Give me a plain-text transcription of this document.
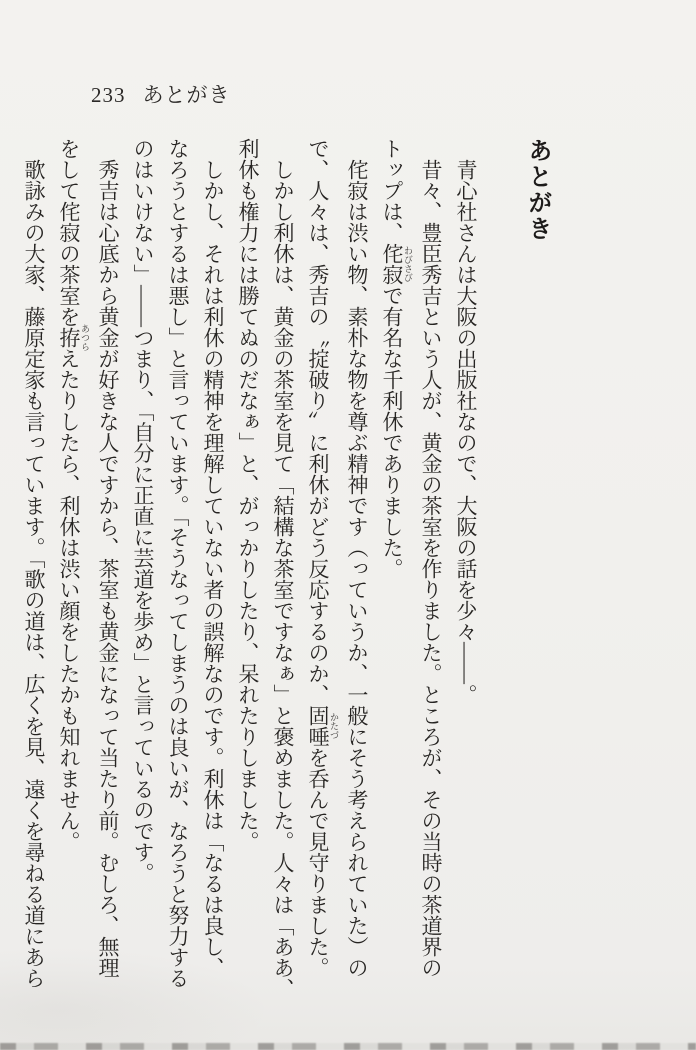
233 あとがき
あとがき
　青心社さんは大阪の出版社なので、大阪の話を少々――。
　昔々、豊臣秀吉という人が、黄金の茶室を作りました。ところが、その当時の茶道界の
トップは、侘寂 わびさびで有名な千利休でありました。
　侘寂は渋い物、素朴な物を尊ぶ精神です（っていうか、一般にそう考えられていた）の
で、人々は、秀吉の〝掟破り〟に利休がどう反応するのか、固唾 かたづを呑んで見守りました。
　しかし利休は、黄金の茶室を見て「結構な茶室ですなぁ」と褒めました。人々は「ああ、
利休も権力には勝てぬのだなぁ」と、がっかりしたり、呆れたりしました。
　しかし、それは利休の精神を理解していない者の誤解なのです。利休は「なるは良し、
なろうとするは悪し」と言っています。「そうなってしまうのは良いが、なろうと努力する
のはいけない」――つまり、「自分に正直に芸道を歩め」と言っているのです。
　秀吉は心底から黄金が好きな人ですから、茶室も黄金になって当たり前。むしろ、無理
をして侘寂の茶室を拵 あつらえたりしたら、利休は渋い顔をしたかも知れません。
　歌詠みの大家、藤原定家も言っています。「歌の道は、広くを見、遠くを尋ねる道にあら
